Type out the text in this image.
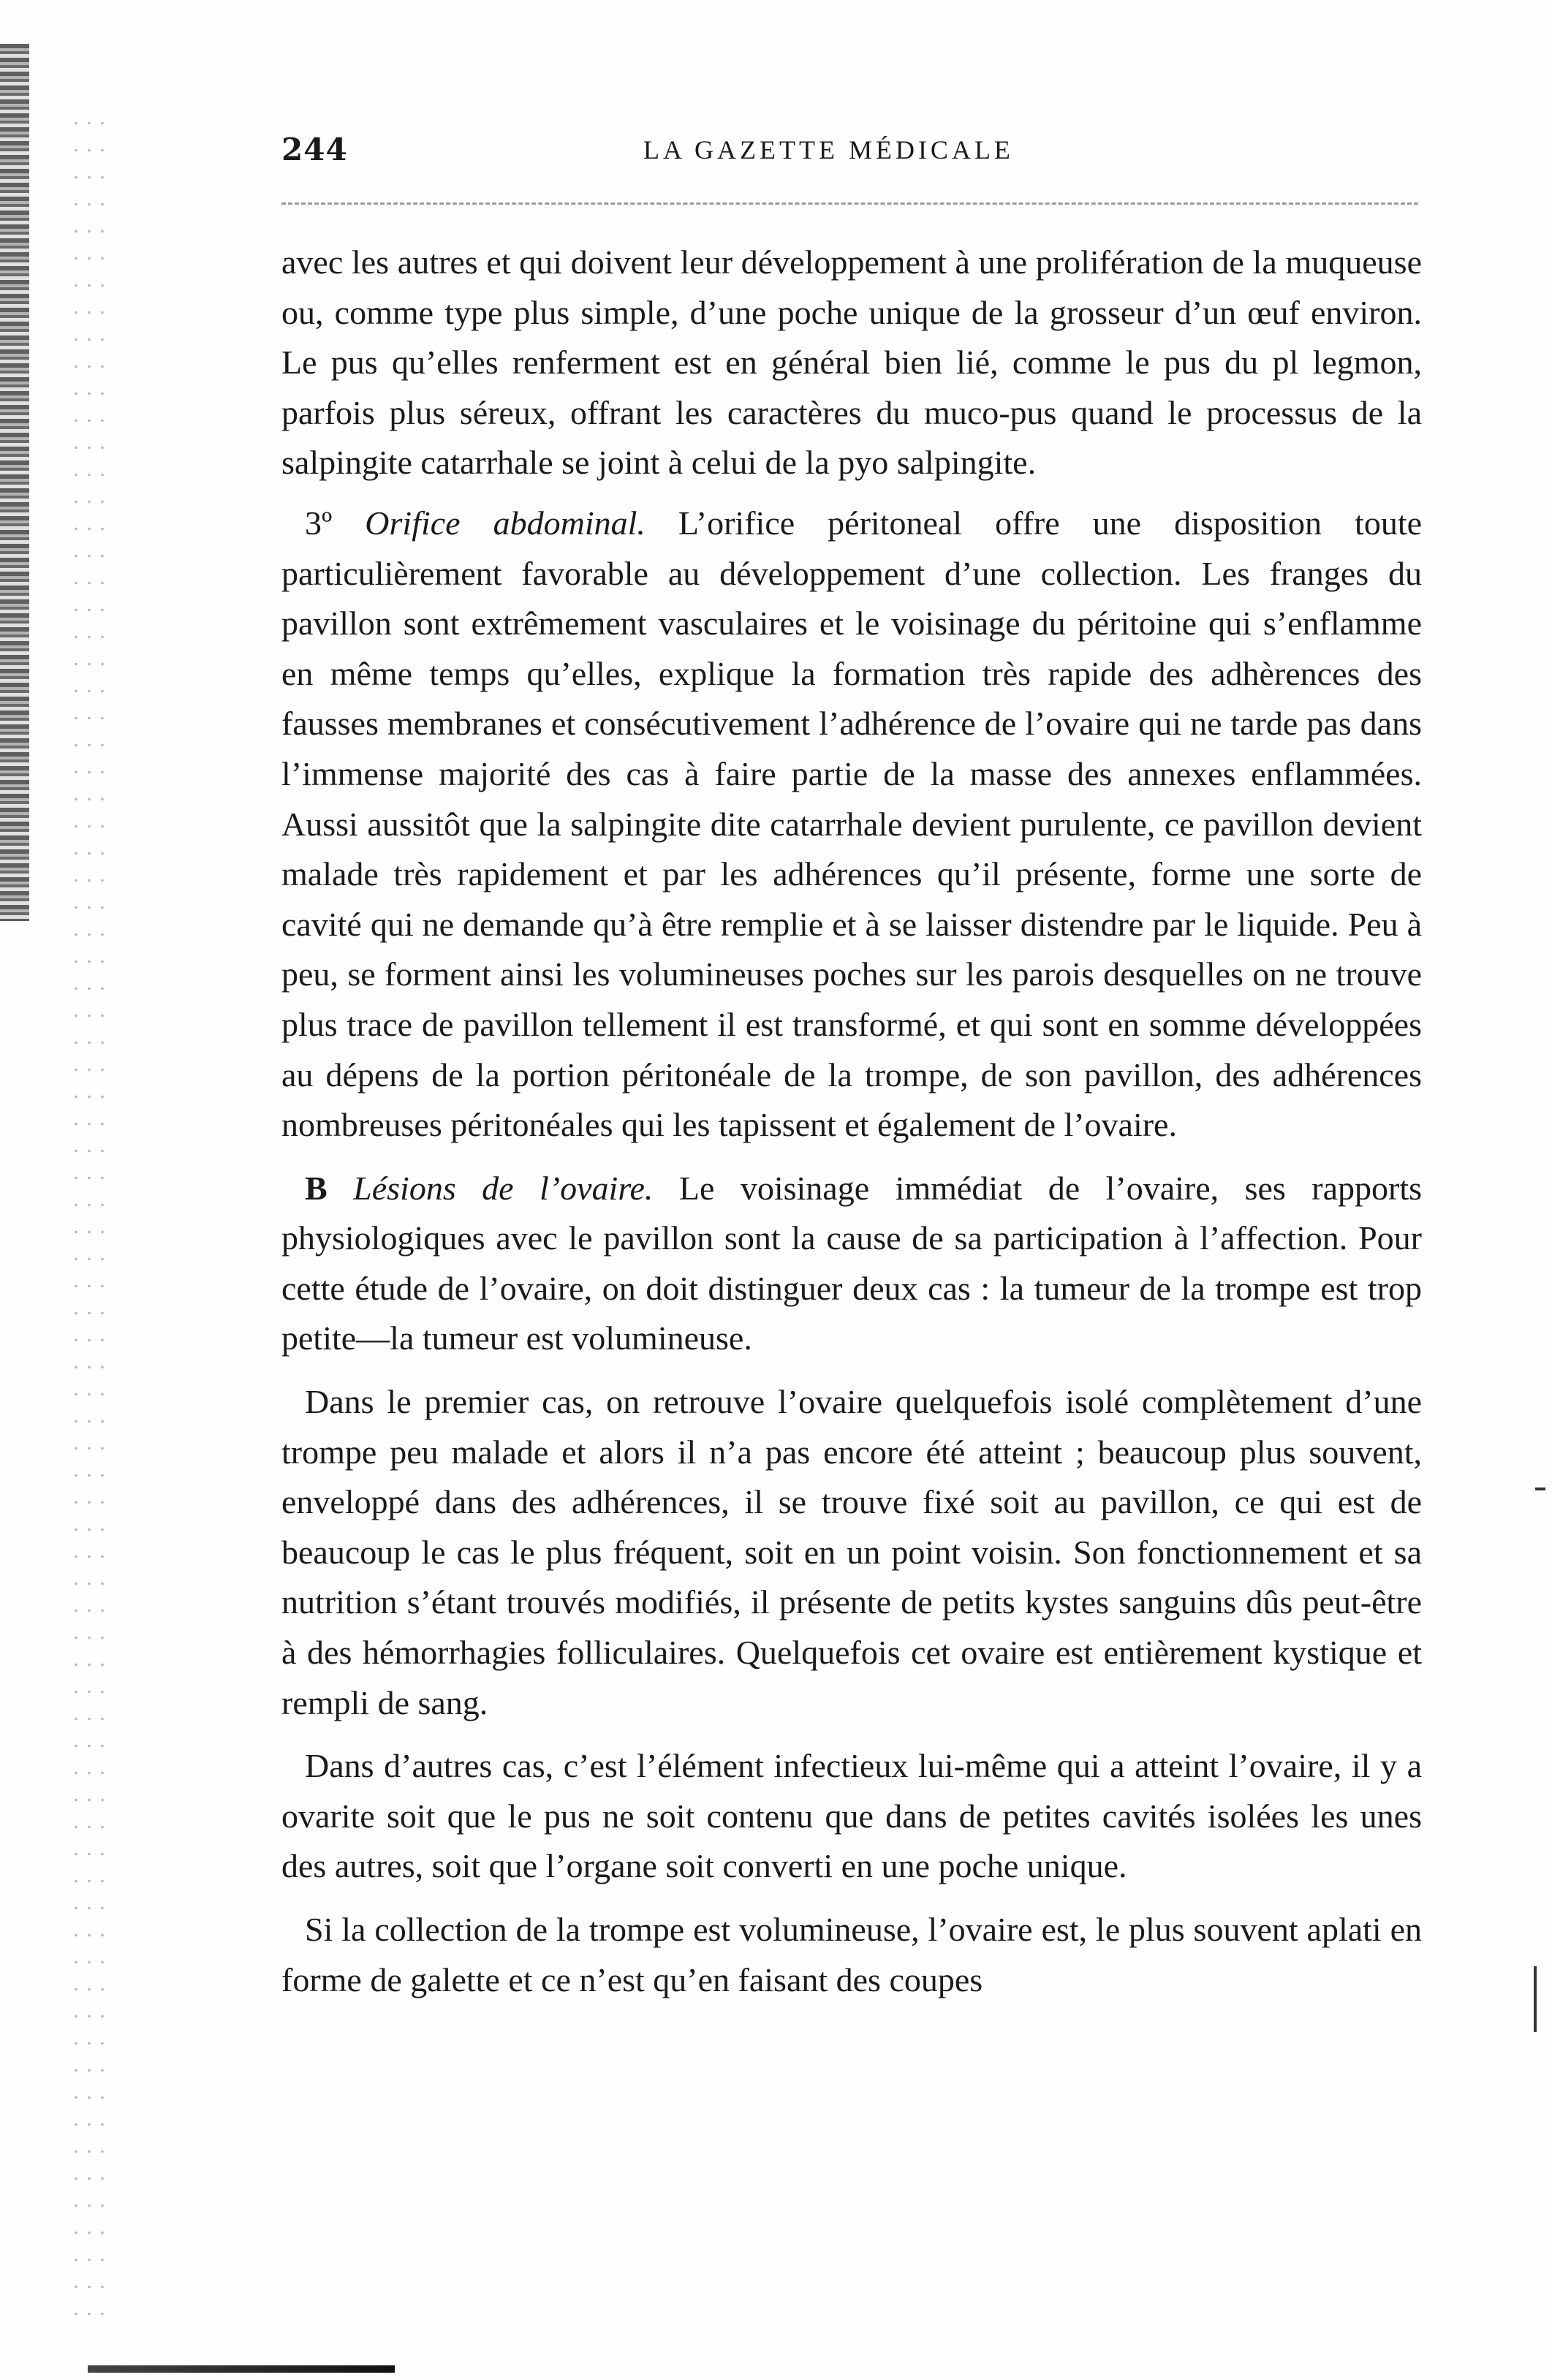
244	LA GAZETTE MÉDICALE

avec les autres et qui doivent leur développement à une prolifération de la muqueuse ou, comme type plus simple, d’une poche unique de la grosseur d’un œuf environ. Le pus qu’elles renferment est en général bien lié, comme le pus du pl legmon, parfois plus séreux, offrant les caractères du muco-pus quand le processus de la salpingite catarrhale se joint à celui de la pyo salpingite.

3º Orifice abdominal. L’orifice péritoneal offre une disposition toute particulièrement favorable au développement d’une collection. Les franges du pavillon sont extrêmement vasculaires et le voisinage du péritoine qui s’enflamme en même temps qu’elles, explique la formation très rapide des adhèrences des fausses membranes et consécutivement l’adhérence de l’ovaire qui ne tarde pas dans l’immense majorité des cas à faire partie de la masse des annexes enflammées. Aussi aussitôt que la salpingite dite catarrhale devient purulente, ce pavillon devient malade très rapidement et par les adhérences qu’il présente, forme une sorte de cavité qui ne demande qu’à être remplie et à se laisser distendre par le liquide. Peu à peu, se forment ainsi les volumineuses poches sur les parois desquelles on ne trouve plus trace de pavillon tellement il est transformé, et qui sont en somme développées au dépens de la portion péritonéale de la trompe, de son pavillon, des adhérences nombreuses péritonéales qui les tapissent et également de l’ovaire.

B Lésions de l’ovaire. Le voisinage immédiat de l’ovaire, ses rapports physiologiques avec le pavillon sont la cause de sa participation à l’affection. Pour cette étude de l’ovaire, on doit distinguer deux cas : la tumeur de la trompe est trop petite—la tumeur est volumineuse.

Dans le premier cas, on retrouve l’ovaire quelquefois isolé complètement d’une trompe peu malade et alors il n’a pas encore été atteint ; beaucoup plus souvent, enveloppé dans des adhérences, il se trouve fixé soit au pavillon, ce qui est de beaucoup le cas le plus fréquent, soit en un point voisin. Son fonctionnement et sa nutrition s’étant trouvés modifiés, il présente de petits kystes sanguins dûs peut-être à des hémorrhagies folliculaires. Quelquefois cet ovaire est entièrement kystique et rempli de sang.

Dans d’autres cas, c’est l’élément infectieux lui-même qui a atteint l’ovaire, il y a ovarite soit que le pus ne soit contenu que dans de petites cavités isolées les unes des autres, soit que l’organe soit converti en une poche unique.

Si la collection de la trompe est volumineuse, l’ovaire est, le plus souvent aplati en forme de galette et ce n’est qu’en faisant des coupes
